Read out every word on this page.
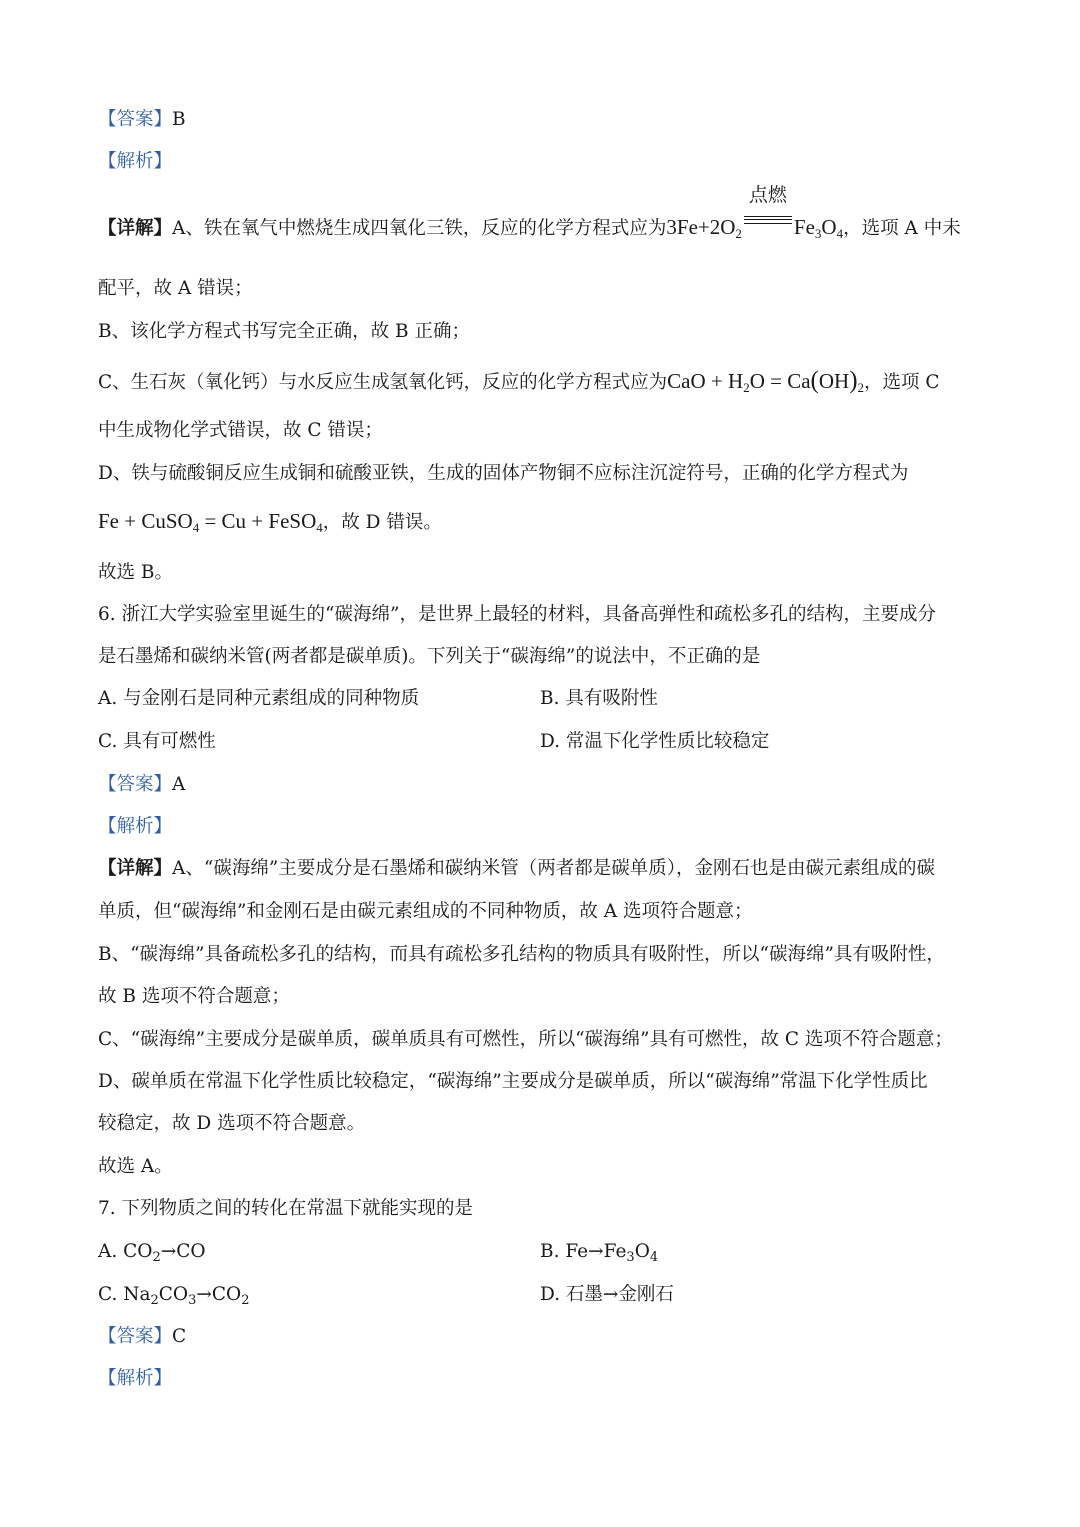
【答案】B
【解析】
【详解】A、铁在氧气中燃烧生成四氧化三铁，反应的化学方程式应为$3Fe+2O_2$
点燃
$Fe_3O_4$，选项 A 中未
配平，故 A 错误；
B、该化学方程式书写完全正确，故 B 正确；
C、生石灰（氧化钙）与水反应生成氢氧化钙，反应的化学方程式应为CaO + $H_2O = Ca(OH)_2$，选项 C
中生成物化学式错误，故 C 错误；
D、铁与硫酸铜反应生成铜和硫酸亚铁，生成的固体产物铜不应标注沉淀符号，正确的化学方程式为
Fe + CuSO$_4$ = Cu + FeSO$_4$，故 D 错误。
故选 B。
6. 浙江大学实验室里诞生的“碳海绵”，是世界上最轻的材料，具备高弹性和疏松多孔的结构，主要成分
是石墨烯和碳纳米管(两者都是碳单质)。下列关于“碳海绵”的说法中，不正确的是
A. 与金刚石是同种元素组成的同种物质	B. 具有吸附性
C. 具有可燃性	D. 常温下化学性质比较稳定
【答案】A
【解析】
【详解】A、“碳海绵”主要成分是石墨烯和碳纳米管（两者都是碳单质），金刚石也是由碳元素组成的碳
单质，但“碳海绵”和金刚石是由碳元素组成的不同种物质，故 A 选项符合题意；
B、“碳海绵”具备疏松多孔的结构，而具有疏松多孔结构的物质具有吸附性，所以“碳海绵”具有吸附性，
故 B 选项不符合题意；
C、“碳海绵”主要成分是碳单质，碳单质具有可燃性，所以“碳海绵”具有可燃性，故 C 选项不符合题意；
D、碳单质在常温下化学性质比较稳定，“碳海绵”主要成分是碳单质，所以“碳海绵”常温下化学性质比
较稳定，故 D 选项不符合题意。
故选 A。
7. 下列物质之间的转化在常温下就能实现的是
A. $CO_2\to CO$	B. $Fe\to Fe_3O_4$
C. $Na_2CO_3\to CO_2$	D. 石墨→金刚石
【答案】C
【解析】
